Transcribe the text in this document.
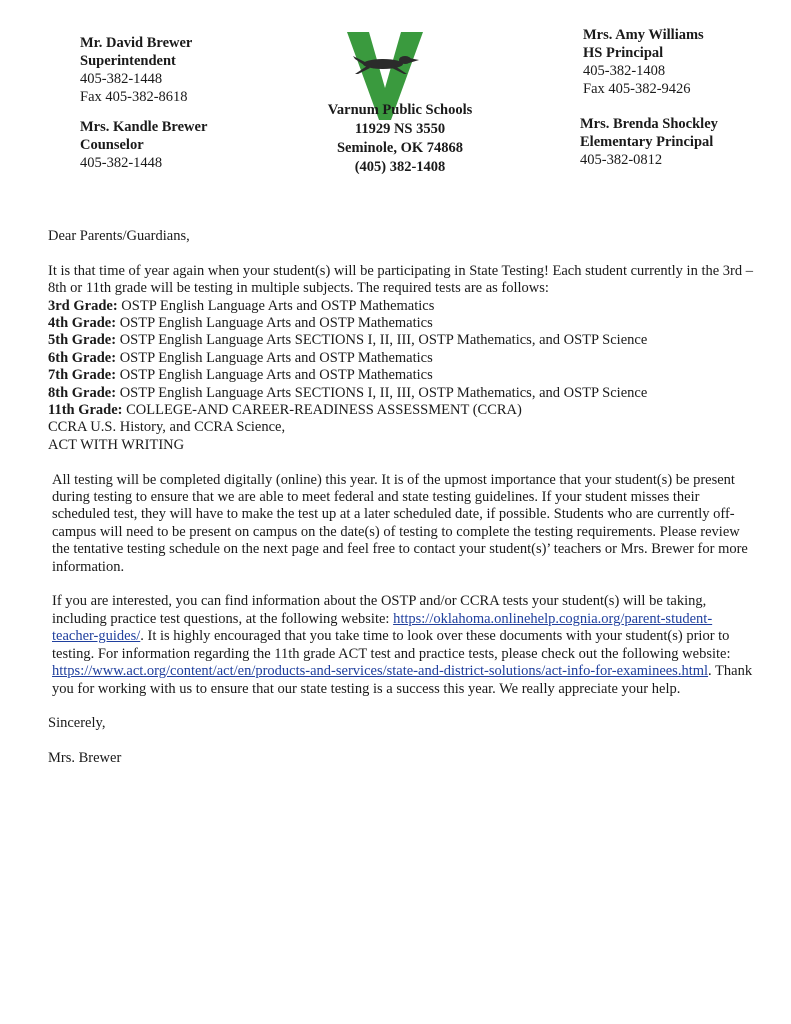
Mr. David Brewer
Superintendent
405-382-1448
Fax 405-382-8618
Mrs. Kandle Brewer
Counselor
405-382-1448
Mrs. Amy Williams
HS Principal
405-382-1408
Fax 405-382-9426
Mrs. Brenda Shockley
Elementary Principal
405-382-0812
Varnum Public Schools
11929 NS 3550
Seminole, OK 74868
(405) 382-1408

Dear Parents/Guardians,

It is that time of year again when your student(s) will be participating in State Testing! Each student currently in the 3rd – 8th or 11th grade will be testing in multiple subjects. The required tests are as follows:

3rd Grade: OSTP English Language Arts and OSTP Mathematics

4th Grade: OSTP English Language Arts and OSTP Mathematics

5th Grade: OSTP English Language Arts SECTIONS I, II, III, OSTP Mathematics, and OSTP Science

6th Grade: OSTP English Language Arts and OSTP Mathematics

7th Grade: OSTP English Language Arts and OSTP Mathematics

8th Grade: OSTP English Language Arts SECTIONS I, II, III, OSTP Mathematics, and OSTP Science

11th Grade: COLLEGE-AND CAREER-READINESS ASSESSMENT (CCRA)

CCRA U.S. History, and CCRA Science,

ACT WITH WRITING

All testing will be completed digitally (online) this year. It is of the upmost importance that your student(s) be present during testing to ensure that we are able to meet federal and state testing guidelines. If your student misses their scheduled test, they will have to make the test up at a later scheduled date, if possible. Students who are currently off-campus will need to be present on campus on the date(s) of testing to complete the testing requirements. Please review the tentative testing schedule on the next page and feel free to contact your student(s)’ teachers or Mrs. Brewer for more information.

If you are interested, you can find information about the OSTP and/or CCRA tests your student(s) will be taking, including practice test questions, at the following website: https://oklahoma.onlinehelp.cognia.org/parent-student-teacher-guides/. It is highly encouraged that you take time to look over these documents with your student(s) prior to testing. For information regarding the 11th grade ACT test and practice tests, please check out the following website: https://www.act.org/content/act/en/products-and-services/state-and-district-solutions/act-info-for-examinees.html. Thank you for working with us to ensure that our state testing is a success this year. We really appreciate your help.

Sincerely,

Mrs. Brewer
